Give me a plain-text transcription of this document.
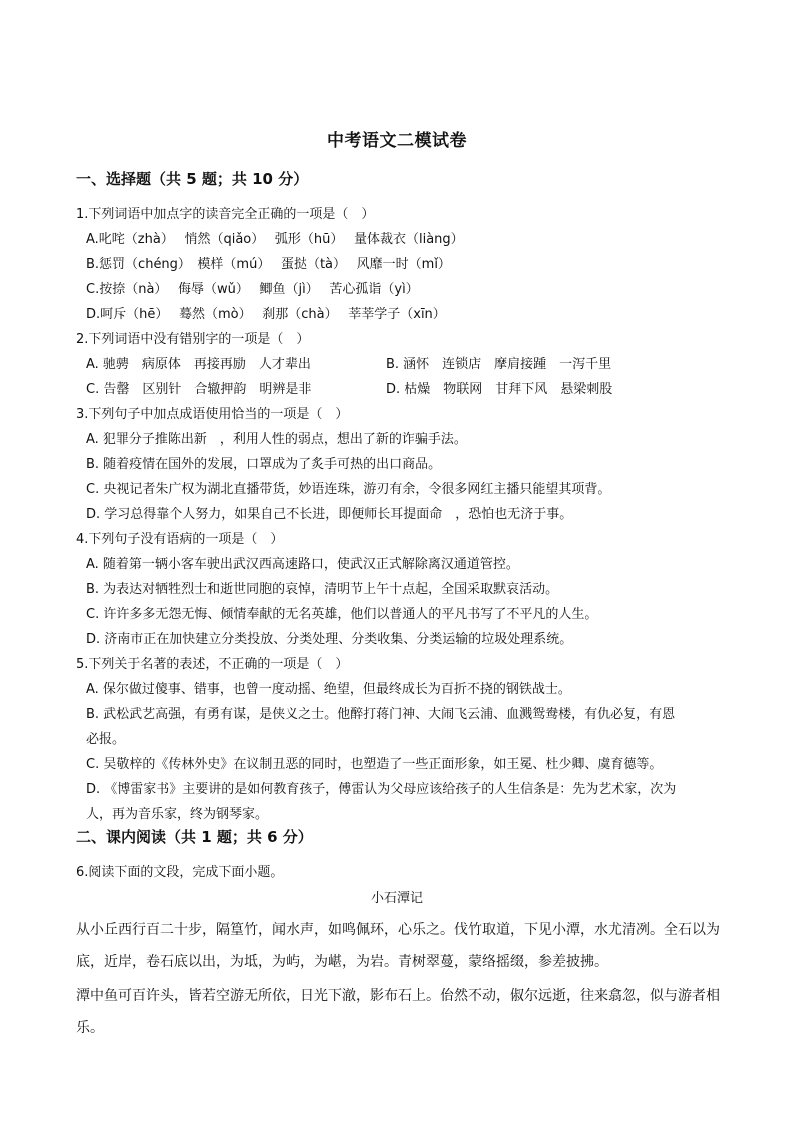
中考语文二模试卷
一、选择题（共 5 题；共 10 分）
1.下列词语中加点字的读音完全正确的一项是（　）
A.叱咤（zhà）　 悄然（qiǎo）　 弧形（hū）　 量体裁衣（liàng）
B.惩罚（chéng）　模样（mú）　 蛋挞（tà）　 风靡一时（mǐ）
C.按捺（nà）　 侮辱（wǔ）　 鲫鱼（jì）　 苦心孤诣（yì）
D.呵斥（hē）　 蓦然（mò）　 刹那（chà）　 莘莘学子（xīn）
2.下列词语中没有错别字的一项是（　）
A. 驰骋　病原体　再接再励　人才辈出	B. 涵怀　连锁店　摩肩接踵　一泻千里
C. 告罄　区别针　合辙押韵　明辨是非	D. 枯燥　物联网　甘拜下风　悬梁刺股
3.下列句子中加点成语使用恰当的一项是（　）
A. 犯罪分子推陈出新　，利用人性的弱点，想出了新的诈骗手法。
B. 随着疫情在国外的发展，口罩成为了炙手可热的出口商品。
C. 央视记者朱广权为湖北直播带货，妙语连珠，游刃有余，令很多网红主播只能望其项背。
D. 学习总得靠个人努力，如果自己不长进，即便师长耳提面命　，恐怕也无济于事。
4.下列句子没有语病的一项是（　）
A. 随着第一辆小客车驶出武汉西高速路口，使武汉正式解除离汉通道管控。
B. 为表达对牺牲烈士和逝世同胞的哀悼，清明节上午十点起，全国采取默哀活动。
C. 许许多多无怨无悔、倾情奉献的无名英雄，他们以普通人的平凡书写了不平凡的人生。
D. 济南市正在加快建立分类投放、分类处理、分类收集、分类运输的垃圾处理系统。
5.下列关于名著的表述，不正确的一项是（　）
A. 保尔做过傻事、错事，也曾一度动摇、绝望，但最终成长为百折不挠的钢铁战士。
B. 武松武艺高强，有勇有谋，是侠义之士。他醉打蒋门神、大闹飞云浦、血溅鸳鸯楼，有仇必复，有恩
必报。
C. 吴敬梓的《传林外史》在议制丑恶的同时，也塑造了一些正面形象，如王冕、杜少卿、虞育德等。
D. 《博雷家书》主要讲的是如何教育孩子，傅雷认为父母应该给孩子的人生信条是：先为艺术家，次为
人，再为音乐家，终为钢琴家。
二、课内阅读（共 1 题；共 6 分）
6.阅读下面的文段，完成下面小题。
小石潭记
从小丘西行百二十步，隔篁竹，闻水声，如鸣佩环，心乐之。伐竹取道，下见小潭，水尤清冽。全石以为
底，近岸，卷石底以出，为坻，为屿，为嵁，为岩。青树翠蔓，蒙络摇缀，参差披拂。
潭中鱼可百许头，皆若空游无所依，日光下澈，影布石上。佁然不动，俶尔远逝，往来翕忽，似与游者相
乐。
